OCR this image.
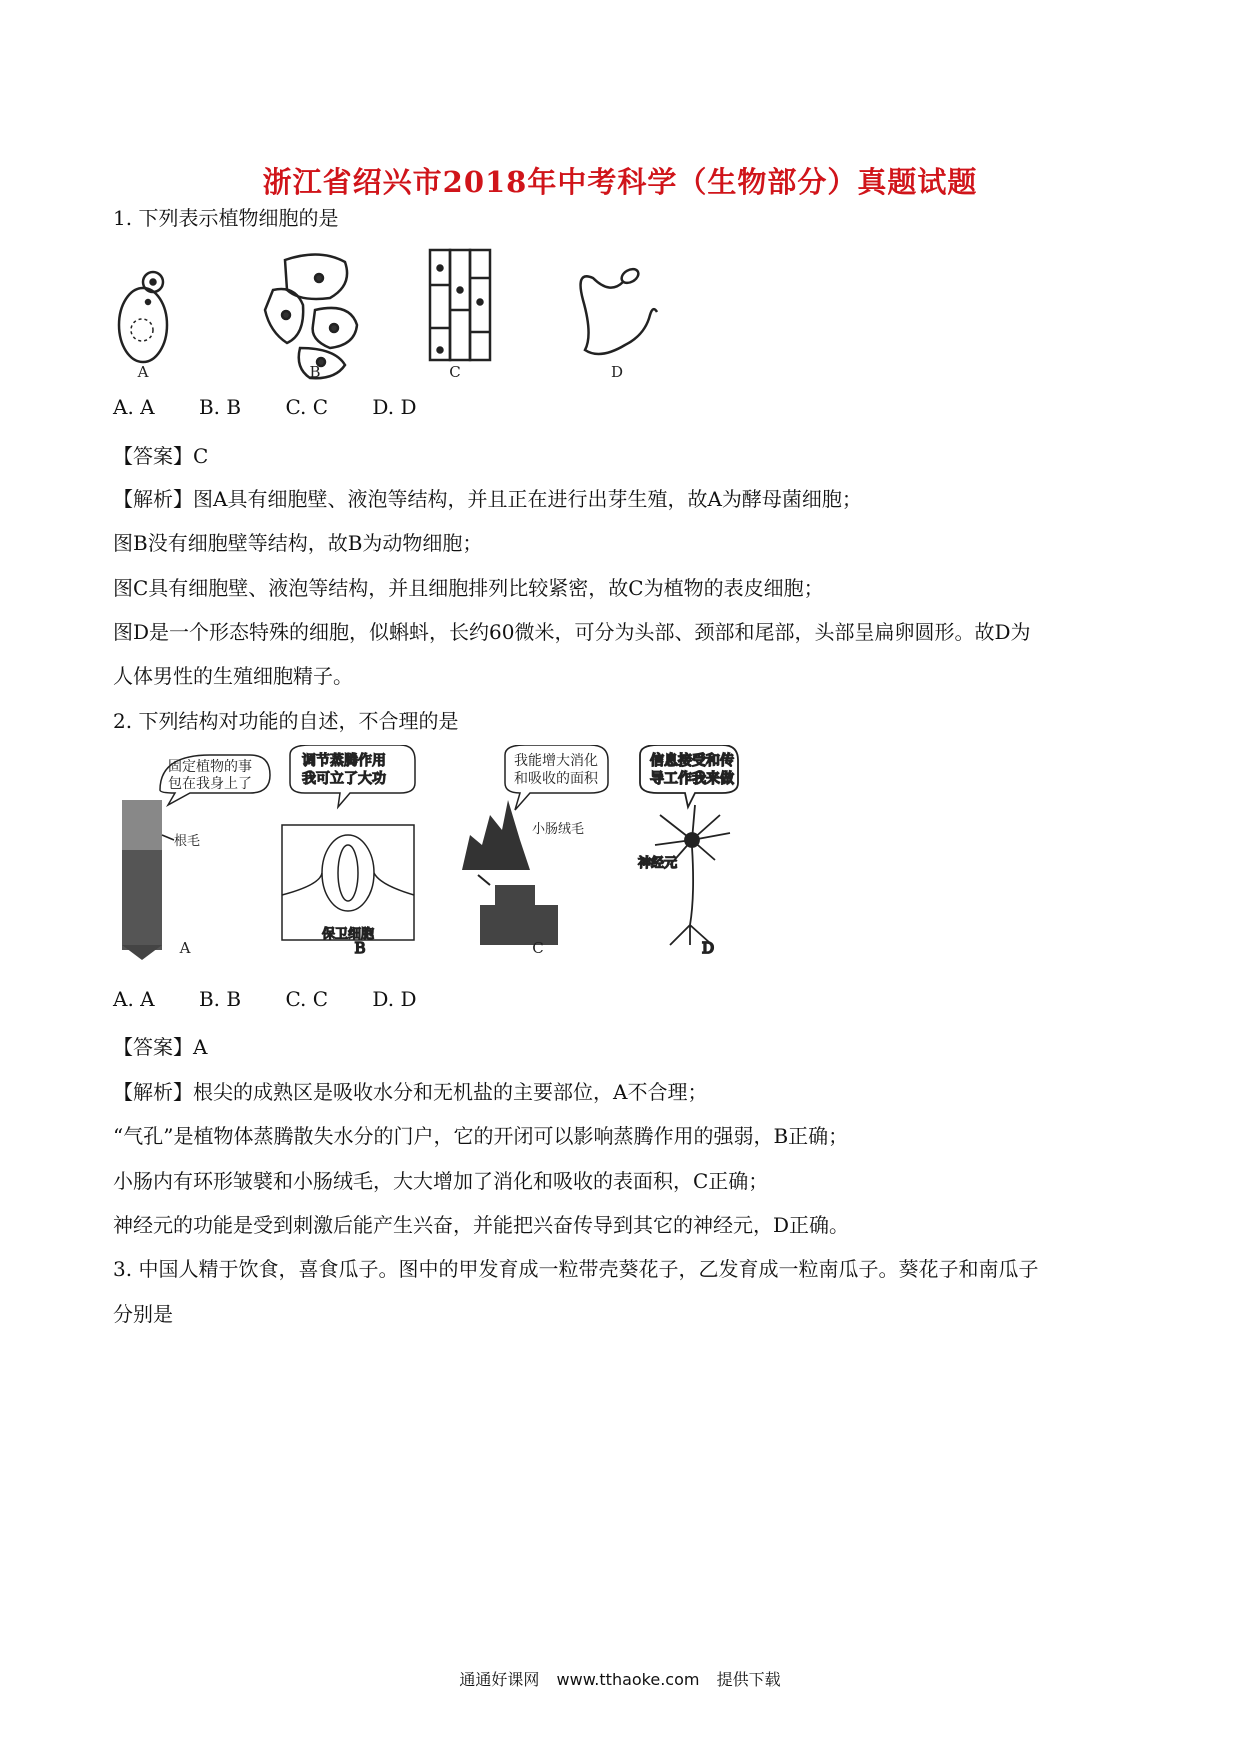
浙江省绍兴市2018年中考科学（生物部分）真题试题
1. 下列表示植物细胞的是
A	B	C	D
A. A B. B C. C D. D
【答案】C
【解析】图A具有细胞壁、液泡等结构，并且正在进行出芽生殖，故A为酵母菌细胞；
图B没有细胞壁等结构，故B为动物细胞；
图C具有细胞壁、液泡等结构，并且细胞排列比较紧密，故C为植物的表皮细胞；
图D是一个形态特殊的细胞，似蝌蚪，长约60微米，可分为头部、颈部和尾部，头部呈扁卵圆形。故D为
人体男性的生殖细胞精子。
2. 下列结构对功能的自述，不合理的是
固定植物的事
包在我身上了
根毛
A
调节蒸腾作用
我可立了大功
保卫细胞
B
我能增大消化
和吸收的面积
小肠绒毛
C
信息接受和传
导工作我来做
神经元
D
A. A B. B C. C D. D
【答案】A
【解析】根尖的成熟区是吸收水分和无机盐的主要部位，A不合理；
“气孔”是植物体蒸腾散失水分的门户，它的开闭可以影响蒸腾作用的强弱，B正确；
小肠内有环形皱襞和小肠绒毛，大大增加了消化和吸收的表面积，C正确；
神经元的功能是受到刺激后能产生兴奋，并能把兴奋传导到其它的神经元，D正确。
3. 中国人精于饮食，喜食瓜子。图中的甲发育成一粒带壳葵花子，乙发育成一粒南瓜子。葵花子和南瓜子
分别是
通通好课网 www.tthaoke.com 提供下载
